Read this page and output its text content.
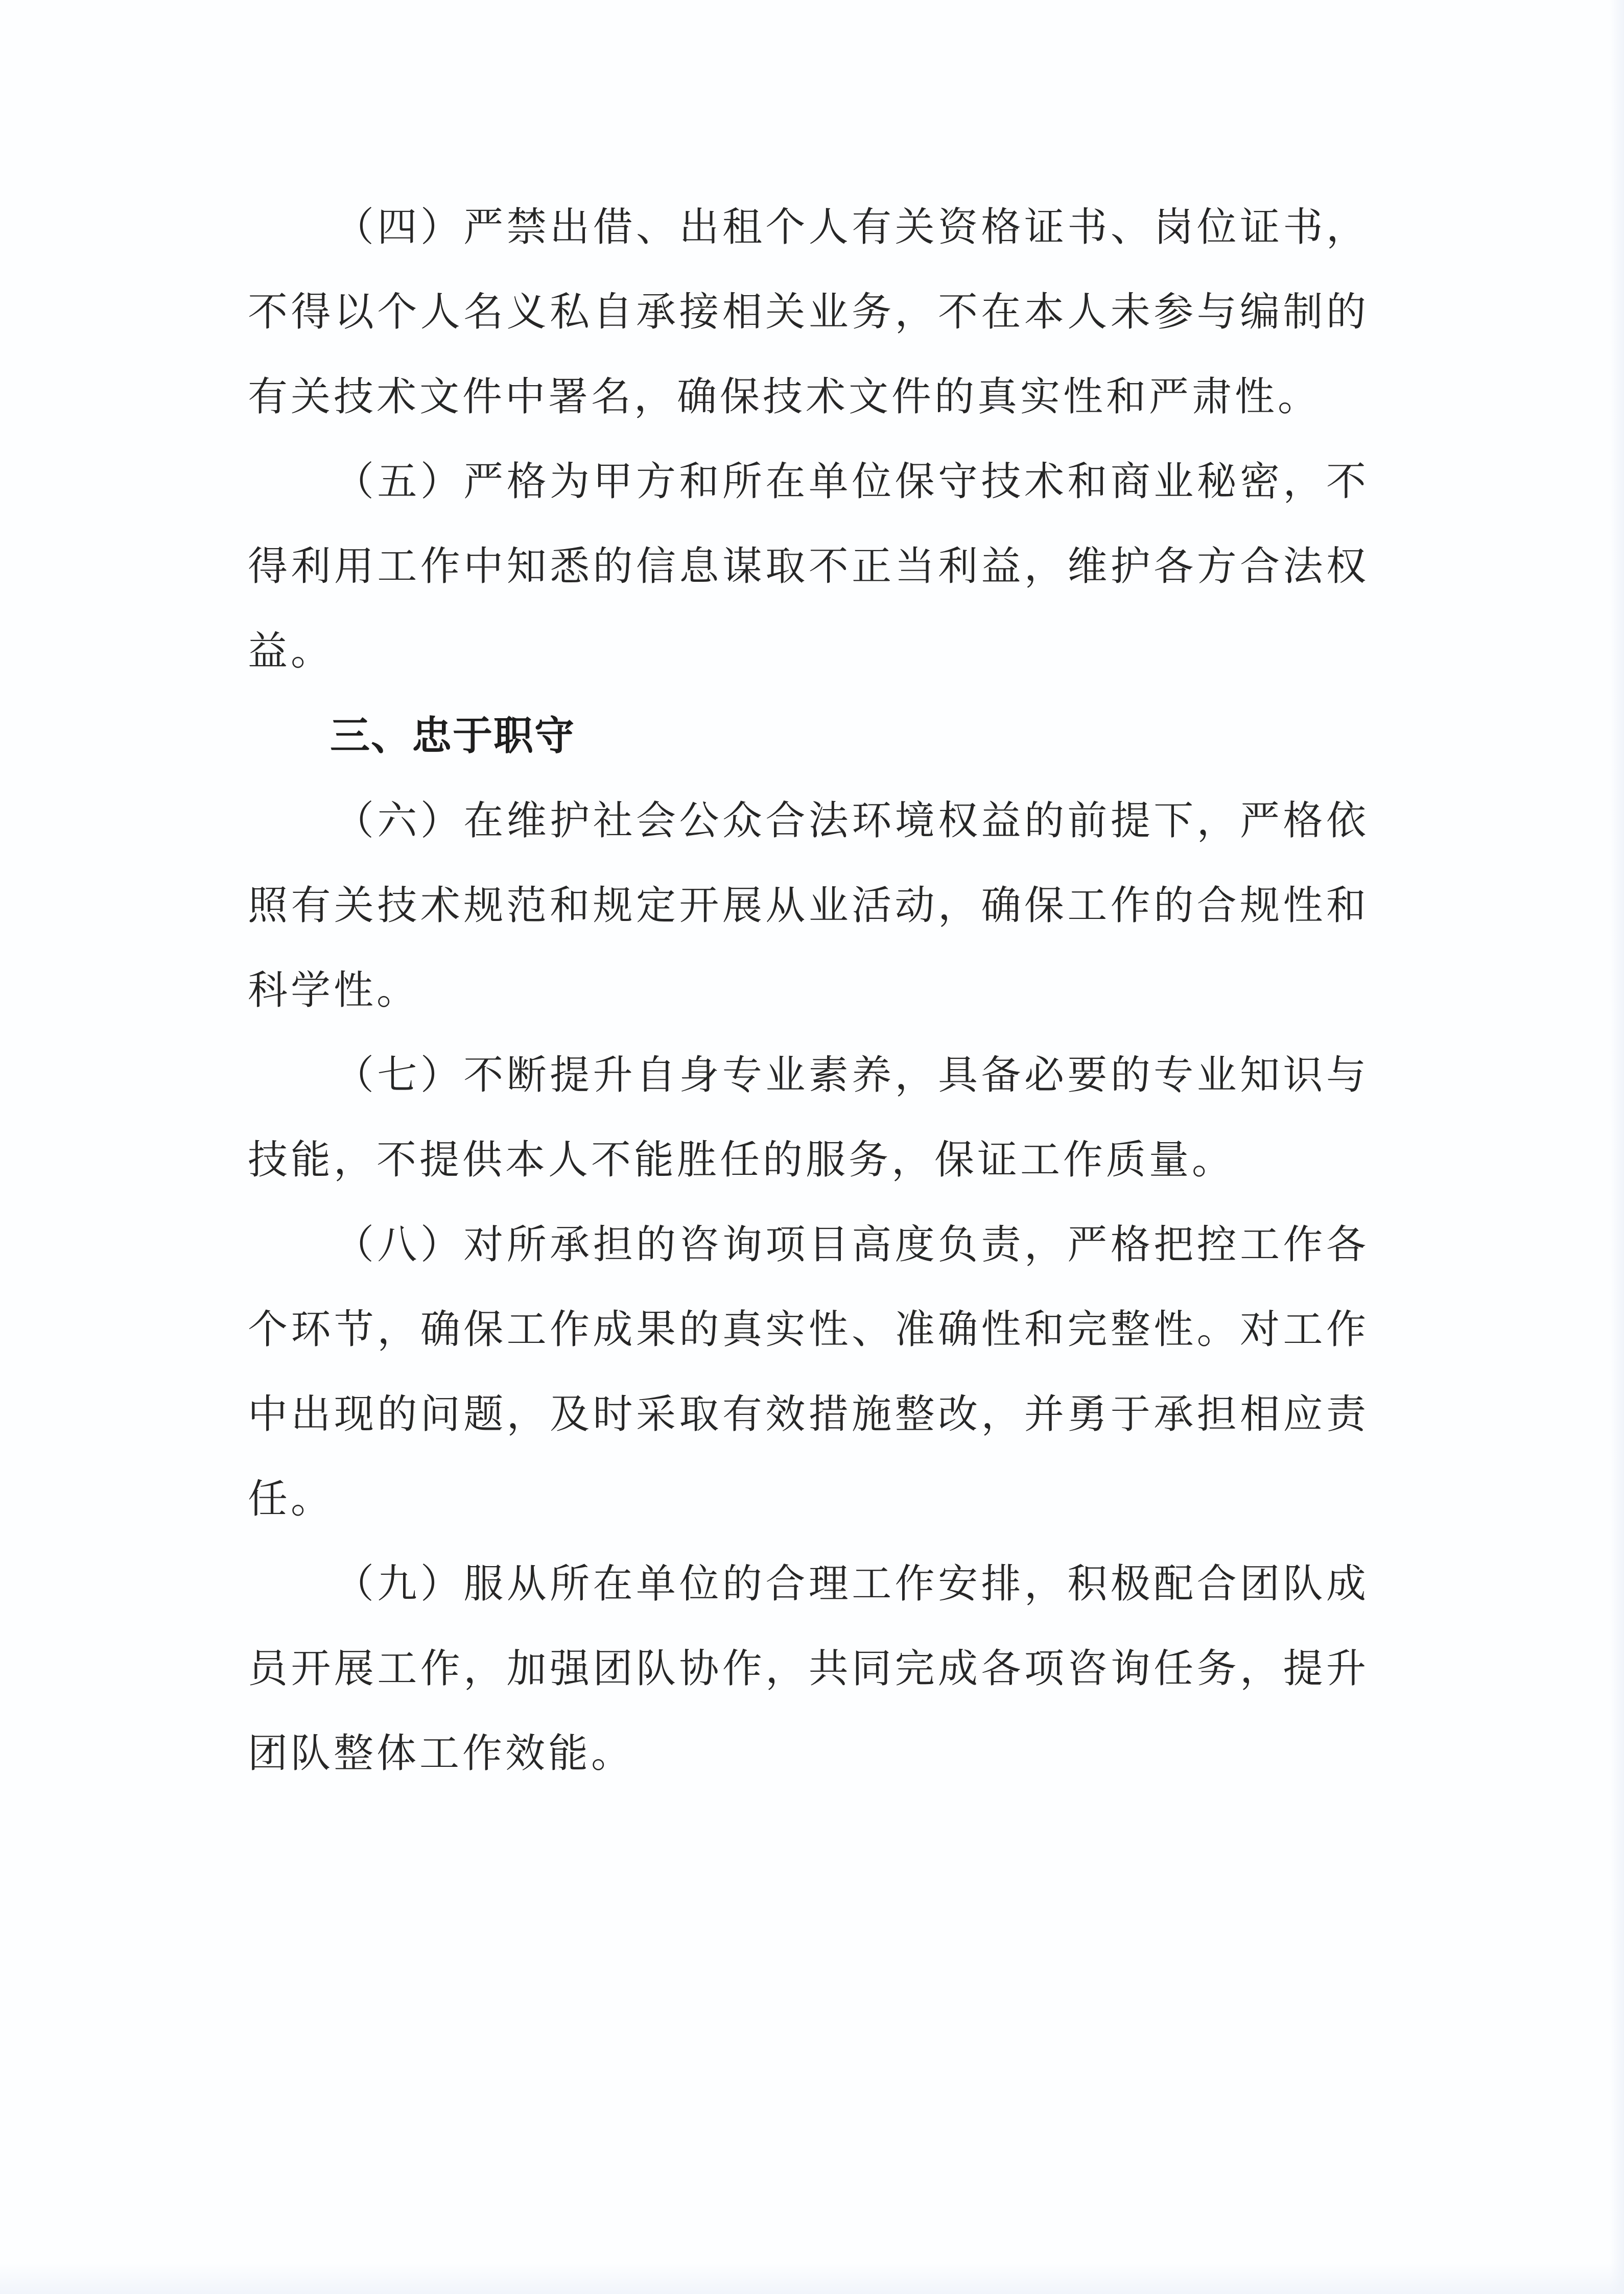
（四）严禁出借、出租个人有关资格证书、岗位证书，
不得以个人名义私自承接相关业务，不在本人未参与编制的
有关技术文件中署名，确保技术文件的真实性和严肃性。
（五）严格为甲方和所在单位保守技术和商业秘密，不
得利用工作中知悉的信息谋取不正当利益，维护各方合法权
益。
三、忠于职守
（六）在维护社会公众合法环境权益的前提下，严格依
照有关技术规范和规定开展从业活动，确保工作的合规性和
科学性。
（七）不断提升自身专业素养，具备必要的专业知识与
技能，不提供本人不能胜任的服务，保证工作质量。
（八）对所承担的咨询项目高度负责，严格把控工作各
个环节，确保工作成果的真实性、准确性和完整性。对工作
中出现的问题，及时采取有效措施整改，并勇于承担相应责
任。
（九）服从所在单位的合理工作安排，积极配合团队成
员开展工作，加强团队协作，共同完成各项咨询任务，提升
团队整体工作效能。
